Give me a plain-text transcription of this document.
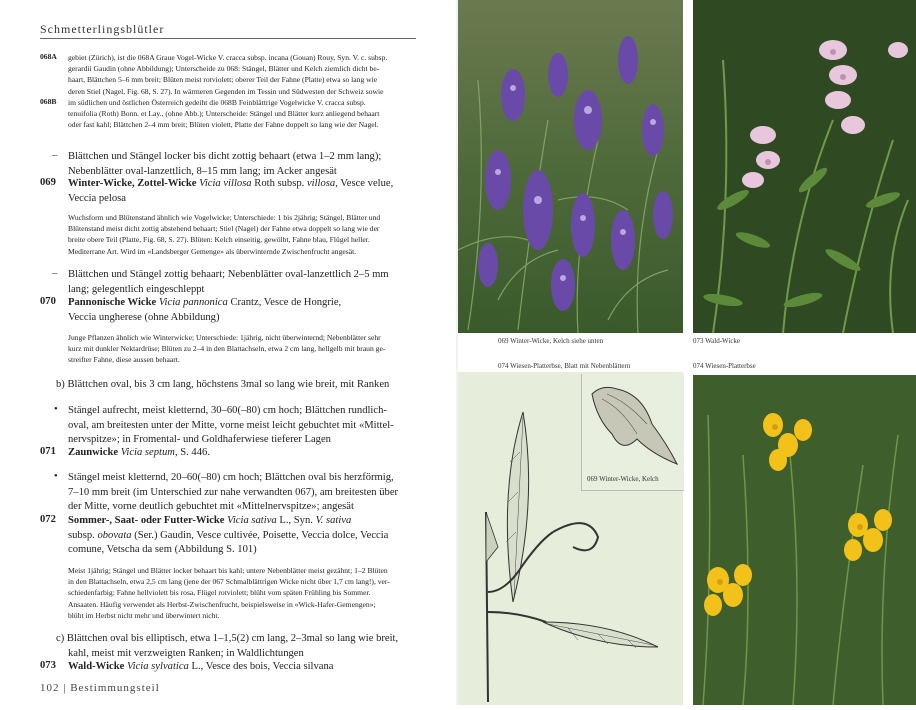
Schmetterlingsblütler
068A
068B
gebiet (Zürich), ist die 068A Graue Vogel-Wicke V. cracca subsp. incana (Gouan) Rouy, Syn. V. c. subsp.
gerardii Gaudin (ohne Abbildung); Unterscheide zu 068: Stängel, Blätter und Kelch ziemlich dicht be-
haart, Blättchen 5–6 mm breit; Blüten meist rotviolett; oberer Teil der Fahne (Platte) etwa so lang wie
deren Stiel (Nagel, Fig. 68, S. 27). In wärmeren Gegenden im Tessin und Südwesten der Schweiz sowie
im südlichen und östlichen Österreich gedeiht die 068B Feinblättrige Vogelwicke V. cracca subsp.
tenuifolia (Roth) Bonn. et Lay., (ohne Abb.); Unterscheide: Stängel und Blätter kurz anliegend behaart
oder fast kahl; Blättchen 2–4 mm breit; Blüten violett, Platte der Fahne doppelt so lang wie der Nagel.
– Blättchen und Stängel locker bis dicht zottig behaart (etwa 1–2 mm lang);
Nebenblätter oval-lanzettlich, 8–15 mm lang; im Acker angesät
069 Winter-Wicke, Zottel-Wicke Vicia villosa Roth subsp. villosa, Vesce velue,
Veccia pelosa
Wuchsform und Blütenstand ähnlich wie Vogelwicke; Unterschiede: 1 bis 2jährig; Stängel, Blätter und
Blütenstand meist dicht zottig abstehend behaart; Stiel (Nagel) der Fahne etwa doppelt so lang wie der
breite obere Teil (Platte, Fig. 68, S. 27). Blüten: Kelch einseitig, gewölbt, Fahne blau, Flügel heller.
Mediterrane Art. Wird im «Landsberger Gemenge» als überwinternde Zwischenfrucht angesät.
– Blättchen und Stängel zottig behaart; Nebenblätter oval-lanzettlich 2–5 mm
lang; gelegentlich eingeschleppt
070 Pannonische Wicke Vicia pannonica Crantz, Vesce de Hongrie,
Veccia ungherese (ohne Abbildung)
Junge Pflanzen ähnlich wie Winterwicke; Unterschiede: 1jährig, nicht überwinternd; Nebenblätter sehr
kurz mit dunkler Nektardrüse; Blüten zu 2–4 in den Blattachseln, etwa 2 cm lang, hellgelb mit braun ge-
streifter Fahne, diese aussen behaart.
b) Blättchen oval, bis 3 cm lang, höchstens 3mal so lang wie breit, mit Ranken
• Stängel aufrecht, meist kletternd, 30–60(–80) cm hoch; Blättchen rundlich-
oval, am breitesten unter der Mitte, vorne meist leicht gebuchtet mit «Mittel-
nervspitze»; in Fromental- und Goldhaferwiese tieferer Lagen
071 Zaunwicke Vicia septum, S. 446.
• Stängel meist kletternd, 20–60(–80) cm hoch; Blättchen oval bis herzförmig,
7–10 mm breit (im Unterschied zur nahe verwandten 067), am breitesten über
der Mitte, vorne deutlich gebuchtet mit «Mittelnervspitze»; angesät
072 Sommer-, Saat- oder Futter-Wicke Vicia sativa L., Syn. V. sativa
subsp. obovata (Ser.) Gaudin, Vesce cultivée, Poisette, Veccia dolce, Veccia
comune, Vetscha da sem (Abbildung S. 101)
Meist 1jährig; Stängel und Blätter locker behaart bis kahl; untere Nebenblätter meist gezähnt; 1–2 Blüten
in den Blattachseln, etwa 2,5 cm lang (jene der 067 Schmalblättrigen Wicke nicht über 1,7 cm lang!), ver-
schiedenfarbig: Fahne hellviolett bis rosa, Flügel rotviolett; blüht vom späten Frühling bis Sommer.
Ansaaten. Häufig verwendet als Herbst-Zwischenfrucht, beispielsweise in «Wick-Hafer-Gemengen»;
blüht im Herbst nicht mehr und überwintert nicht.
c) Blättchen oval bis elliptisch, etwa 1–1,5(2) cm lang, 2–3mal so lang wie breit,
kahl, meist mit verzweigten Ranken; in Waldlichtungen
073 Wald-Wicke Vicia sylvatica L., Vesce des bois, Veccia silvana
102 | Bestimmungsteil
069 Winter-Wicke, Kelch siehe unten	073 Wald-Wicke
074 Wiesen-Platterbse, Blatt mit Nebenblättern	074 Wiesen-Platterbse
069 Winter-Wicke, Kelch
